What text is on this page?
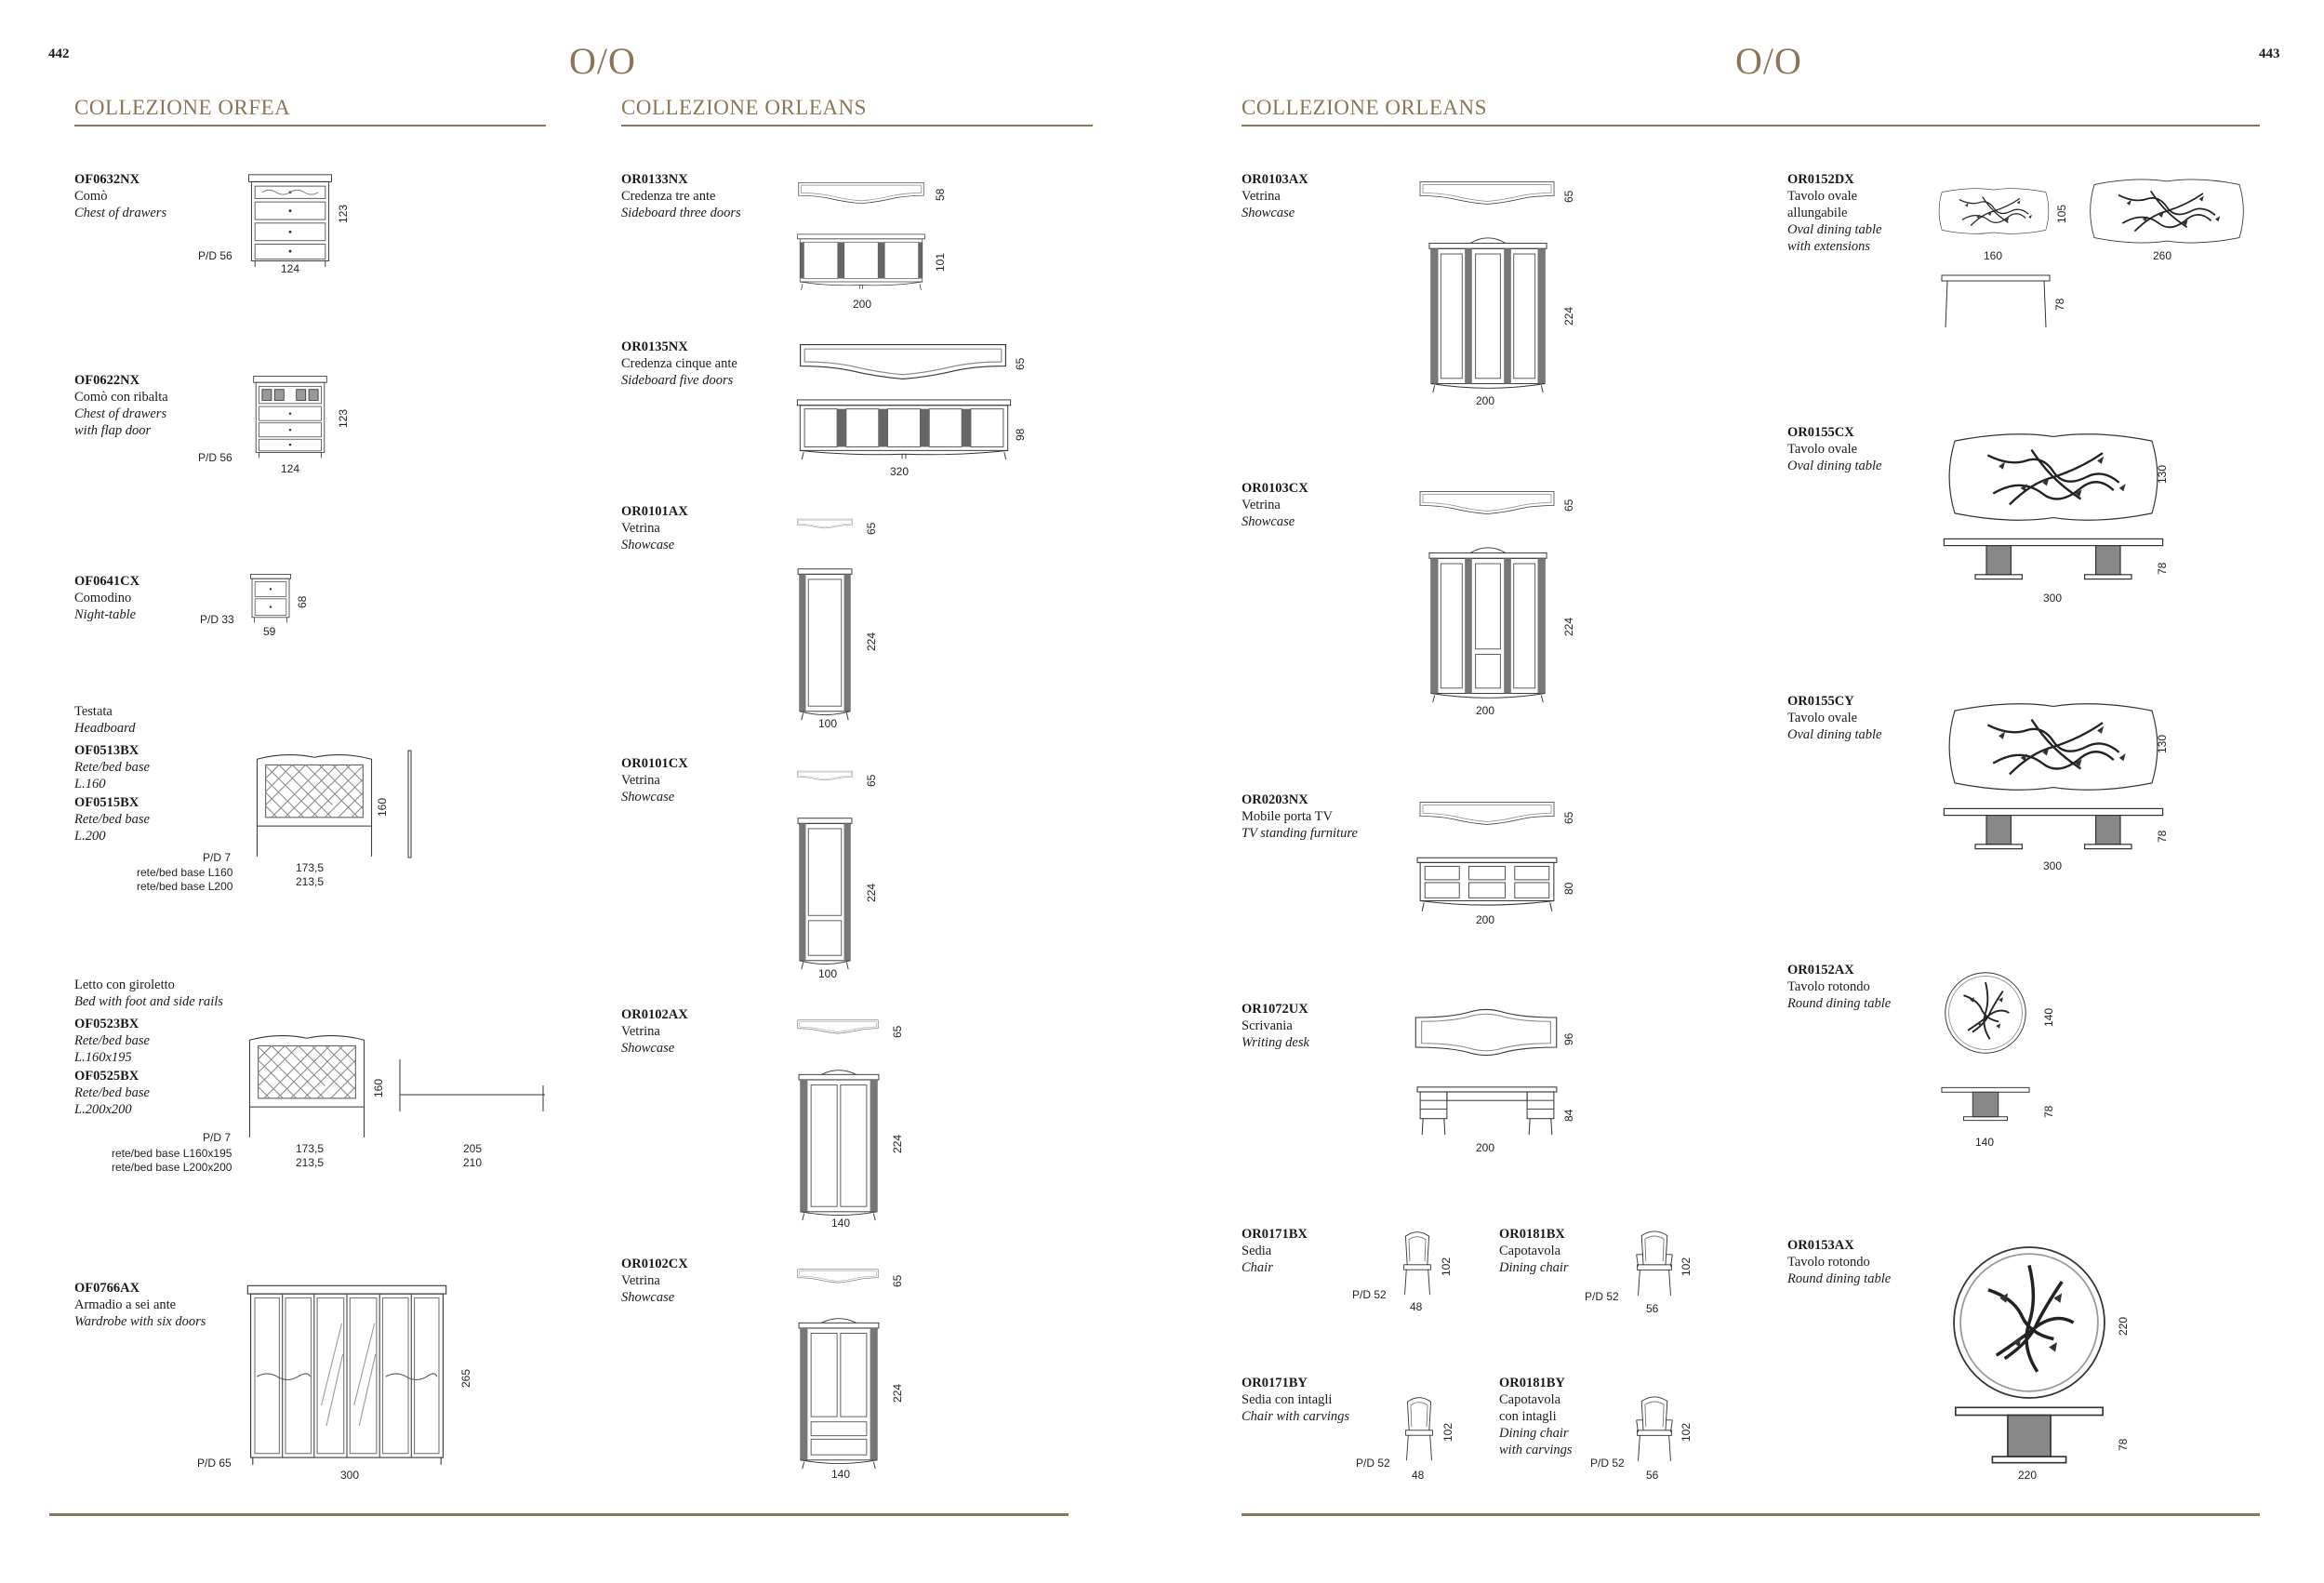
442	O/O	O/O	443
COLLEZIONE ORFEA	COLLEZIONE ORLEANS	COLLEZIONE ORLEANS
OF0632NX
Comò
Chest of drawers	123
P/D 56
124
OF0622NX
Comò con ribalta
Chest of drawers
with flap door
123
P/D 56
124
OF0641CX
Comodino
Night-table
68
P/D 33
59
Testata
Headboard
OF0513BX
Rete/bed base
L.160
OF0515BX
Rete/bed base
L.200
160
P/D 7
173,5
rete/bed base L160
213,5
rete/bed base L200
Letto con giroletto
Bed with foot and side rails
OF0523BX
Rete/bed base
L.160x195
OF0525BX
Rete/bed base
L.200x200
160
P/D 7
173,5
rete/bed base L160x195
213,5
rete/bed base L200x200
205
210
OF0766AX
Armadio a sei ante
Wardrobe with six doors
265
P/D 65
300
OR0133NX
Credenza tre ante
Sideboard three doors
58
101
200
OR0135NX
Credenza cinque ante
Sideboard five doors
65
98
320
OR0101AX
Vetrina
Showcase
65
224
100
OR0101CX
Vetrina
Showcase
65
224
100
OR0102AX
Vetrina
Showcase
65
224
140
OR0102CX
Vetrina
Showcase
65
224
140
OR0103AX
Vetrina
Showcase
65
224
200
OR0103CX
Vetrina
Showcase
65
224
200
OR0203NX
Mobile porta TV
TV standing furniture
65
80
200
OR1072UX
Scrivania
Writing desk	96
84
200
OR0171BX
Sedia
Chair	102
P/D 52
48
OR0181BX
Capotavola
Dining chair	102
P/D 52
56
OR0171BY
Sedia con intagli
Chair with carvings
102
P/D 52
48
OR0181BY
Capotavola
con intagli
Dining chair
with carvings
102
P/D 52
56
OR0152DX
Tavolo ovale
allungabile
Oval dining table
with extensions
105
160	260
78
OR0155CX
Tavolo ovale
Oval dining table	130
78
300
OR0155CY
Tavolo ovale
Oval dining table	130
78
300
OR0152AX
Tavolo rotondo
Round dining table
140
78
140
OR0153AX
Tavolo rotondo
Round dining table
220
78
220
